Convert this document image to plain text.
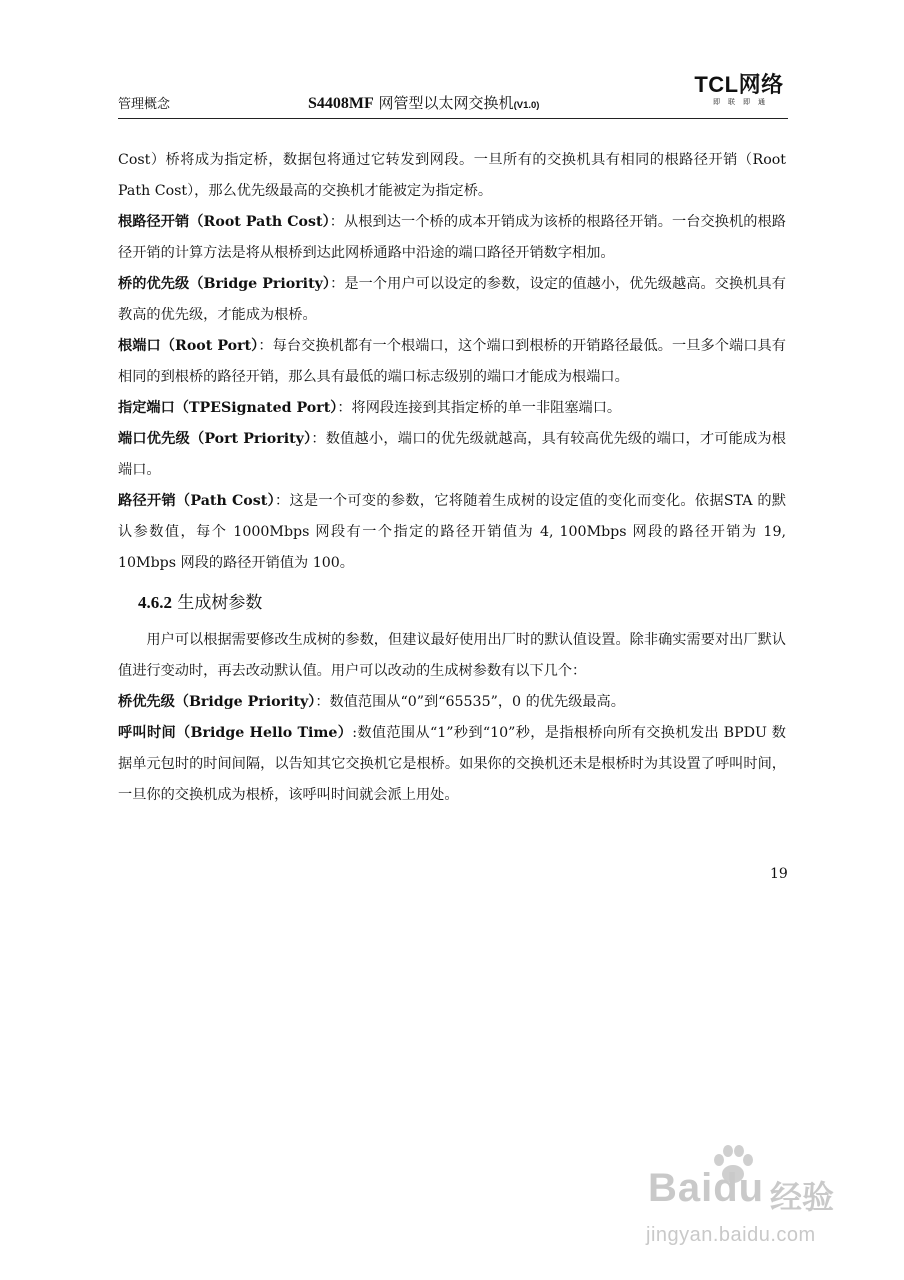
管理概念	S4408MF 网管型以太网交换机(V1.0)
TCL网络
即联即通

Cost）桥将成为指定桥，数据包将通过它转发到网段。一旦所有的交换机具有相同的根路径开销（Root Path Cost），那么优先级最高的交换机才能被定为指定桥。

根路径开销（Root Path Cost）：从根到达一个桥的成本开销成为该桥的根路径开销。一台交换机的根路径开销的计算方法是将从根桥到达此网桥通路中沿途的端口路径开销数字相加。

桥的优先级（Bridge Priority）：是一个用户可以设定的参数，设定的值越小，优先级越高。交换机具有教高的优先级，才能成为根桥。

根端口（Root Port）：每台交换机都有一个根端口，这个端口到根桥的开销路径最低。一旦多个端口具有相同的到根桥的路径开销，那么具有最低的端口标志级别的端口才能成为根端口。

指定端口（TPESignated Port）：将网段连接到其指定桥的单一非阻塞端口。

端口优先级（Port Priority）：数值越小，端口的优先级就越高，具有较高优先级的端口，才可能成为根端口。

路径开销（Path Cost）：这是一个可变的参数，它将随着生成树的设定值的变化而变化。依据STA 的默认参数值，每个 1000Mbps 网段有一个指定的路径开销值为 4, 100Mbps 网段的路径开销为 19, 10Mbps 网段的路径开销值为 100。

4.6.2 生成树参数

用户可以根据需要修改生成树的参数，但建议最好使用出厂时的默认值设置。除非确实需要对出厂默认值进行变动时，再去改动默认值。用户可以改动的生成树参数有以下几个：

桥优先级（Bridge Priority）：数值范围从“0”到“65535”，0 的优先级最高。

呼叫时间（Bridge Hello Time）:数值范围从“1”秒到“10”秒，是指根桥向所有交换机发出 BPDU 数据单元包时的时间间隔，以告知其它交换机它是根桥。如果你的交换机还未是根桥时为其设置了呼叫时间，一旦你的交换机成为根桥，该呼叫时间就会派上用处。

19
Baidu 经验
jingyan.baidu.com
